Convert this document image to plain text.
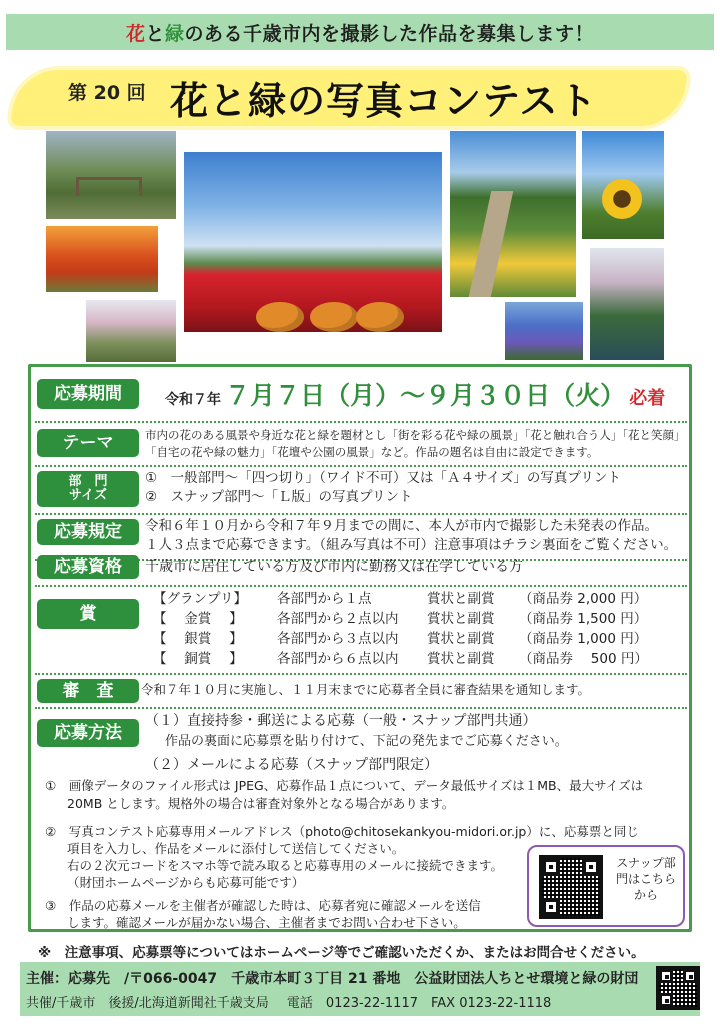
花 と 緑 のある千歳市内を撮影した作品を募集します！
第 20 回 花と緑の写真コンテスト
応募期間	令和７年 ７月７日（月）～９月３０日（火） 必着
テーマ	市内の花のある風景や身近な花と緑を題材とし「街を彩る花や緑の風景」「花と触れ合う人」「花と笑顔」
「自宅の花や緑の魅力」「花壇や公園の風景」など。作品の題名は自由に設定できます。
部　門
サイズ
①　一般部門～「四つ切り」（ワイド不可）又は「Ａ４サイズ」の写真プリント
②　スナップ部門～「Ｌ版」の写真プリント
応募規定	令和６年１０月から令和７年９月までの間に、本人が市内で撮影した未発表の作品。
１人３点まで応募できます。（組み写真は不可）注意事項はチラシ裏面をご覧ください。
応募資格	千歳市に居住している方及び市内に勤務又は在学している方
賞
【グランプリ】	各部門から１点	賞状と副賞	（商品券 2,000 円）
【　 金賞　 】	各部門から２点以内	賞状と副賞	（商品券 1,500 円）
【　 銀賞　 】	各部門から３点以内	賞状と副賞	（商品券 1,000 円）
【　 銅賞　 】	各部門から６点以内	賞状と副賞	（商品券　 500 円）
審　査	令和７年１０月に実施し、１１月末までに応募者全員に審査結果を通知します。
応募方法
（１）直接持参・郵送による応募（一般・スナップ部門共通）
作品の裏面に応募票を貼り付けて、下記の発先までご応募ください。
（２）メールによる応募（スナップ部門限定）
①　画像データのファイル形式は JPEG、応募作品１点について、データ最低サイズは１MB、最大サイズは
20MB とします。規格外の場合は審査対象外となる場合があります。
②　写真コンテスト応募専用メールアドレス（photo@chitosekankyou-midori.or.jp）に、応募票と同じ
項目を入力し、作品をメールに添付して送信してください。
右の２次元コードをスマホ等で読み取ると応募専用のメールに接続できます。
（財団ホームページからも応募可能です）
③　作品の応募メールを主催者が確認した時は、応募者宛に確認メールを送信
します。確認メールが届かない場合、主催者までお問い合わせ下さい。
スナップ部門はこちらから
※　注意事項、応募票等についてはホームページ等でご確認いただくか、またはお問合せください。
主催：応募先　/〒066-0047　千歳市本町３丁目 21 番地　公益財団法人ちとせ環境と緑の財団
共催/千歳市　後援/北海道新聞社千歳支局 電話　0123-22-1117　FAX 0123-22-1118
